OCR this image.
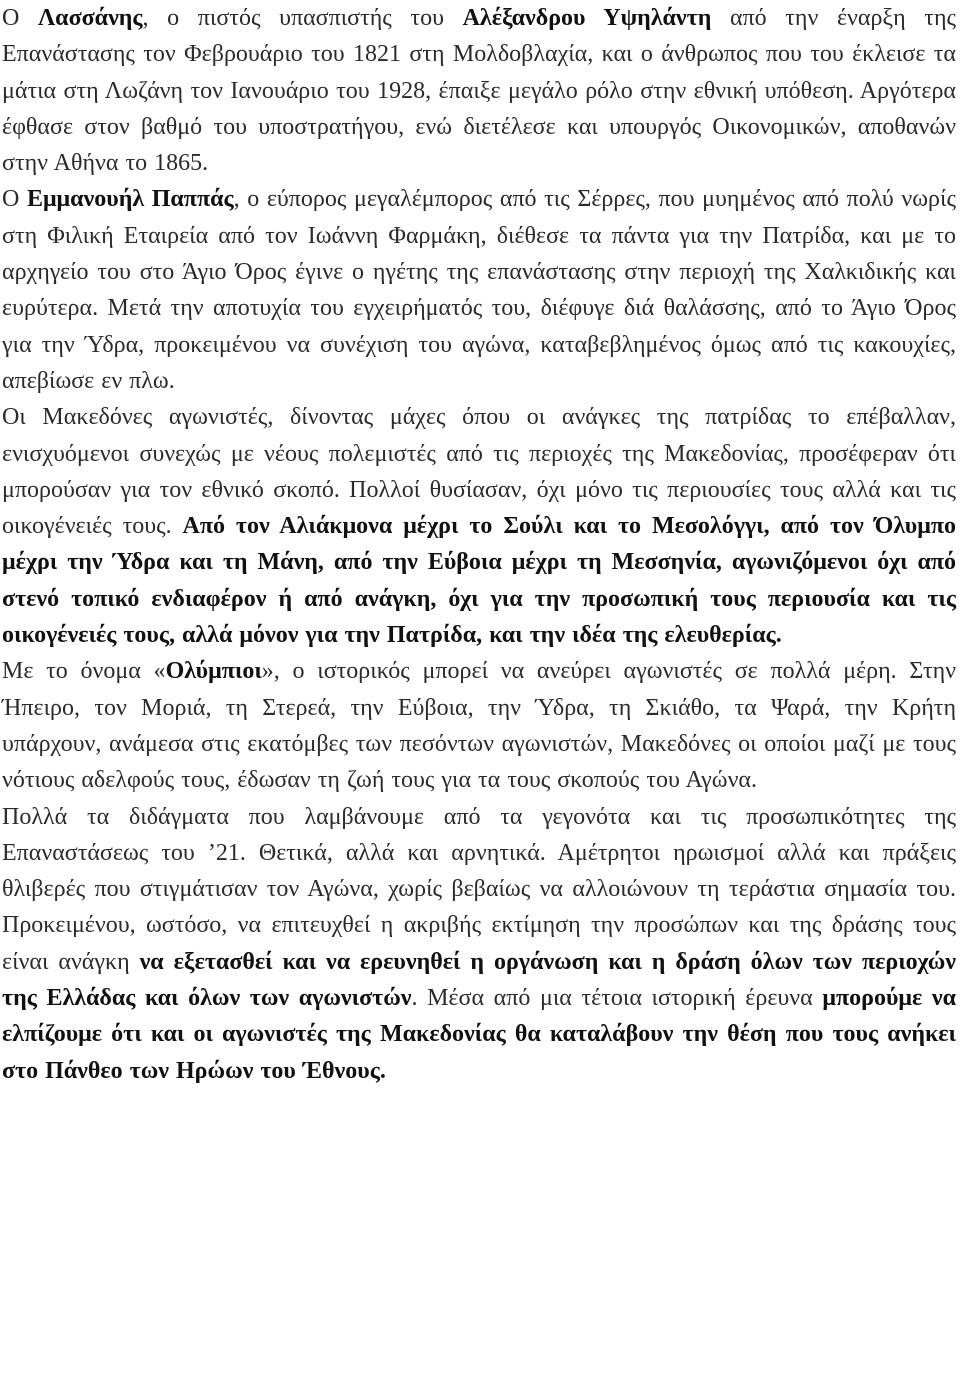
Ο Λασσάνης, ο πιστός υπασπιστής του Αλέξανδρου Υψηλάντη από την έναρξη της Επανάστασης τον Φεβρουάριο του 1821 στη Μολδοβλαχία, και ο άνθρωπος που του έκλεισε τα μάτια στη Λωζάνη τον Ιανουάριο του 1928, έπαιξε μεγάλο ρόλο στην εθνική υπόθεση. Αργότερα έφθασε στον βαθμό του υποστρατήγου, ενώ διετέλεσε και υπουργός Οικονομικών, αποθανών στην Αθήνα το 1865.

Ο Εμμανουήλ Παππάς, ο εύπορος μεγαλέμπορος από τις Σέρρες, που μυημένος από πολύ νωρίς στη Φιλική Εταιρεία από τον Ιωάννη Φαρμάκη, διέθεσε τα πάντα για την Πατρίδα, και με το αρχηγείο του στο Άγιο Όρος έγινε ο ηγέτης της επανάστασης στην περιοχή της Χαλκιδικής και ευρύτερα. Μετά την αποτυχία του εγχειρήματός του, διέφυγε διά θαλάσσης, από το Άγιο Όρος για την Ύδρα, προκειμένου να συνέχιση του αγώνα, καταβεβλημένος όμως από τις κακουχίες, απεβίωσε εν πλω.

Οι Μακεδόνες αγωνιστές, δίνοντας μάχες όπου οι ανάγκες της πατρίδας το επέβαλλαν, ενισχυόμενοι συνεχώς με νέους πολεμιστές από τις περιοχές της Μακεδονίας, προσέφεραν ότι μπορούσαν για τον εθνικό σκοπό. Πολλοί θυσίασαν, όχι μόνο τις περιουσίες τους αλλά και τις οικογένειές τους. Από τον Αλιάκμονα μέχρι το Σούλι και το Μεσολόγγι, από τον Όλυμπο μέχρι την Ύδρα και τη Μάνη, από την Εύβοια μέχρι τη Μεσσηνία, αγωνιζόμενοι όχι από στενό τοπικό ενδιαφέρον ή από ανάγκη, όχι για την προσωπική τους περιουσία και τις οικογένειές τους, αλλά μόνον για την Πατρίδα, και την ιδέα της ελευθερίας.

Με το όνομα «Ολύμπιοι», ο ιστορικός μπορεί να ανεύρει αγωνιστές σε πολλά μέρη. Στην Ήπειρο, τον Μοριά, τη Στερεά, την Εύβοια, την Ύδρα, τη Σκιάθο, τα Ψαρά, την Κρήτη υπάρχουν, ανάμεσα στις εκατόμβες των πεσόντων αγωνιστών, Μακεδόνες οι οποίοι μαζί με τους νότιους αδελφούς τους, έδωσαν τη ζωή τους για τα τους σκοπούς του Αγώνα.

Πολλά τα διδάγματα που λαμβάνουμε από τα γεγονότα και τις προσωπικότητες της Επαναστάσεως του ’21. Θετικά, αλλά και αρνητικά. Αμέτρητοι ηρωισμοί αλλά και πράξεις θλιβερές που στιγμάτισαν τον Αγώνα, χωρίς βεβαίως να αλλοιώνουν τη τεράστια σημασία του. Προκειμένου, ωστόσο, να επιτευχθεί η ακριβής εκτίμηση την προσώπων και της δράσης τους είναι ανάγκη να εξετασθεί και να ερευνηθεί η οργάνωση και η δράση όλων των περιοχών της Ελλάδας και όλων των αγωνιστών. Μέσα από μια τέτοια ιστορική έρευνα μπορούμε να ελπίζουμε ότι και οι αγωνιστές της Μακεδονίας θα καταλάβουν την θέση που τους ανήκει στο Πάνθεο των Ηρώων του Έθνους.
